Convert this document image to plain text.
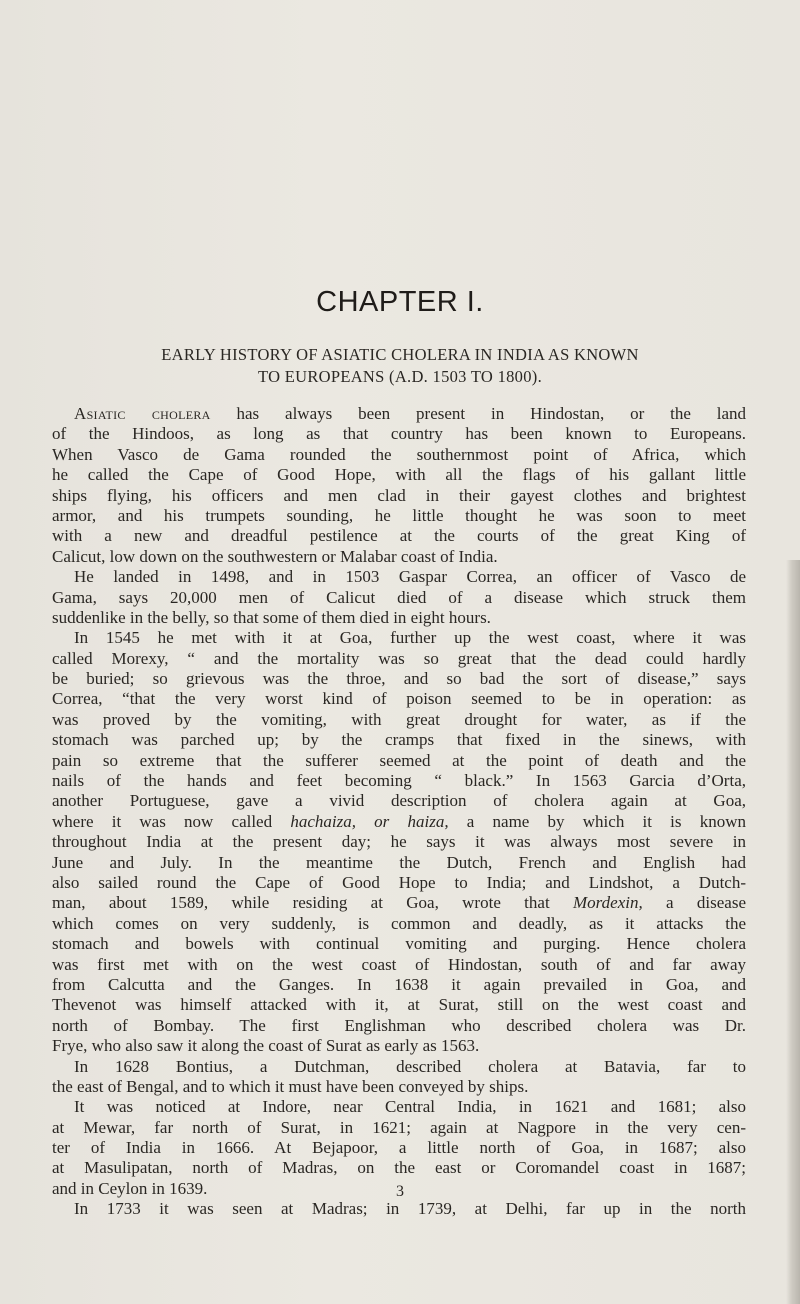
CHAPTER I.
EARLY HISTORY OF ASIATIC CHOLERA IN INDIA AS KNOWN
TO EUROPEANS (A.D. 1503 TO 1800).
Asiatic cholera has always been present in Hindostan, or the land
of the Hindoos, as long as that country has been known to Europeans.
When Vasco de Gama rounded the southernmost point of Africa, which
he called the Cape of Good Hope, with all the flags of his gallant little
ships flying, his officers and men clad in their gayest clothes and brightest
armor, and his trumpets sounding, he little thought he was soon to meet
with a new and dreadful pestilence at the courts of the great King of
Calicut, low down on the southwestern or Malabar coast of India.
He landed in 1498, and in 1503 Gaspar Correa, an officer of Vasco de
Gama, says 20,000 men of Calicut died of a disease which struck them
suddenlike in the belly, so that some of them died in eight hours.
In 1545 he met with it at Goa, further up the west coast, where it was
called Morexy, “ and the mortality was so great that the dead could hardly
be buried; so grievous was the throe, and so bad the sort of disease,” says
Correa, “that the very worst kind of poison seemed to be in operation: as
was proved by the vomiting, with great drought for water, as if the
stomach was parched up; by the cramps that fixed in the sinews, with
pain so extreme that the sufferer seemed at the point of death and the
nails of the hands and feet becoming “ black.” In 1563 Garcia d’Orta,
another Portuguese, gave a vivid description of cholera again at Goa,
where it was now called hachaiza, or haiza, a name by which it is known
throughout India at the present day; he says it was always most severe in
June and July. In the meantime the Dutch, French and English had
also sailed round the Cape of Good Hope to India; and Lindshot, a Dutch-
man, about 1589, while residing at Goa, wrote that Mordexin, a disease
which comes on very suddenly, is common and deadly, as it attacks the
stomach and bowels with continual vomiting and purging. Hence cholera
was first met with on the west coast of Hindostan, south of and far away
from Calcutta and the Ganges. In 1638 it again prevailed in Goa, and
Thevenot was himself attacked with it, at Surat, still on the west coast and
north of Bombay. The first Englishman who described cholera was Dr.
Frye, who also saw it along the coast of Surat as early as 1563.
In 1628 Bontius, a Dutchman, described cholera at Batavia, far to
the east of Bengal, and to which it must have been conveyed by ships.
It was noticed at Indore, near Central India, in 1621 and 1681; also
at Mewar, far north of Surat, in 1621; again at Nagpore in the very cen-
ter of India in 1666. At Bejapoor, a little north of Goa, in 1687; also
at Masulipatan, north of Madras, on the east or Coromandel coast in 1687;
and in Ceylon in 1639.
In 1733 it was seen at Madras; in 1739, at Delhi, far up in the north
3
